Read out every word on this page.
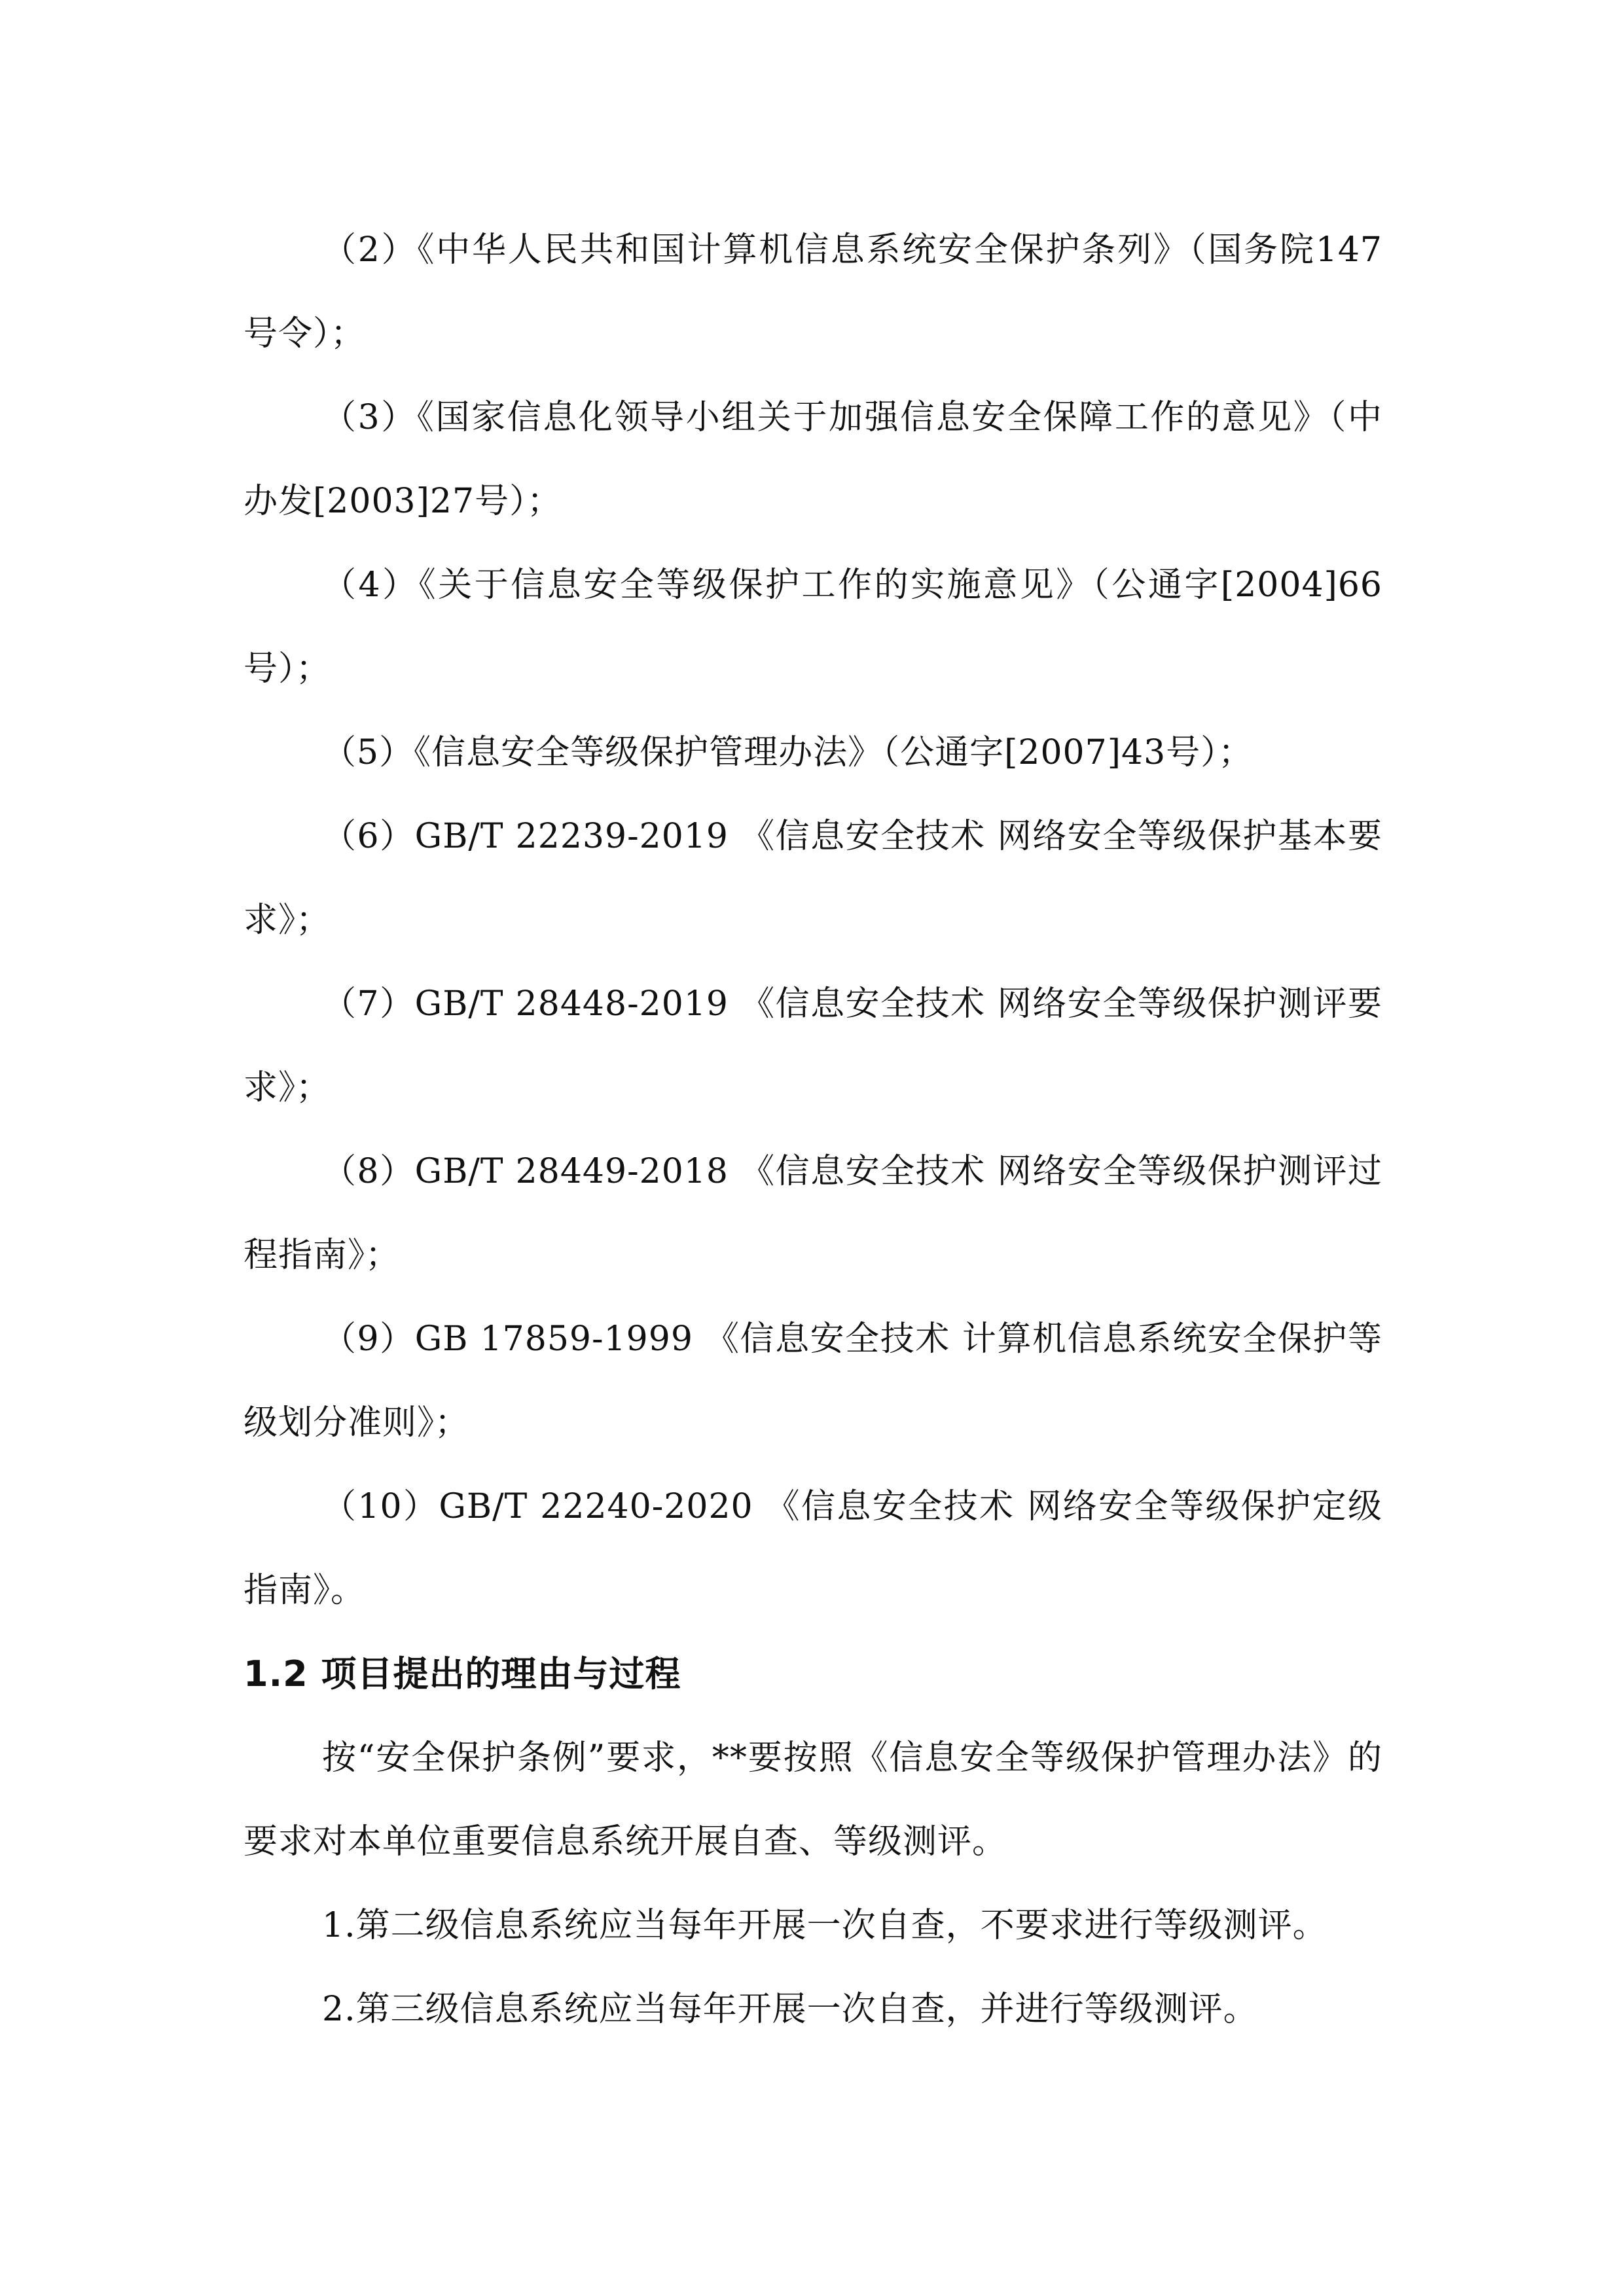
（2）《中华人民共和国计算机信息系统安全保护条列》（国务院147号令）；

（3）《国家信息化领导小组关于加强信息安全保障工作的意见》（中办发[2003]27号）；

（4）《关于信息安全等级保护工作的实施意见》（公通字[2004]66号）；

（5）《信息安全等级保护管理办法》（公通字[2007]43号）；

（6）GB/T 22239-2019 《信息安全技术 网络安全等级保护基本要求》；

（7）GB/T 28448-2019 《信息安全技术 网络安全等级保护测评要求》；

（8）GB/T 28449-2018 《信息安全技术 网络安全等级保护测评过程指南》；

（9）GB 17859-1999 《信息安全技术 计算机信息系统安全保护等级划分准则》；

（10）GB/T 22240-2020 《信息安全技术 网络安全等级保护定级指南》。

1.2 项目提出的理由与过程

按“安全保护条例”要求，**要按照《信息安全等级保护管理办法》的要求对本单位重要信息系统开展自查、等级测评。

1.第二级信息系统应当每年开展一次自查，不要求进行等级测评。

2.第三级信息系统应当每年开展一次自查，并进行等级测评。
